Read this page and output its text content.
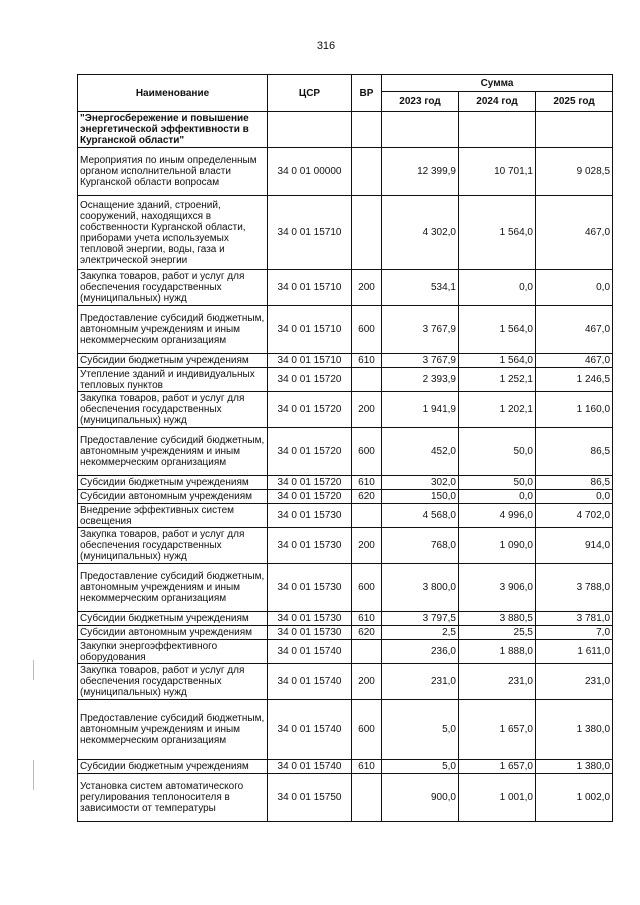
316
Наименование	ЦСР	ВР	Сумма		
			2023 год	2024 год	2025 год
"Энергосбережение и повышение энергетической эффективности в Курганской области"					
Мероприятия по иным определенным органом исполнительной власти Курганской области вопросам	34 0 01 00000		12 399,9	10 701,1	9 028,5
Оснащение зданий, строений, сооружений, находящихся в собственности Курганской области, приборами учета используемых тепловой энергии, воды, газа и электрической энергии	34 0 01 15710		4 302,0	1 564,0	467,0
Закупка товаров, работ и услуг для обеспечения государственных (муниципальных) нужд	34 0 01 15710	200	534,1	0,0	0,0
Предоставление субсидий бюджетным, автономным учреждениям и иным некоммерческим организациям	34 0 01 15710	600	3 767,9	1 564,0	467,0
Субсидии бюджетным учреждениям	34 0 01 15710	610	3 767,9	1 564,0	467,0
Утепление зданий и индивидуальных тепловых пунктов	34 0 01 15720		2 393,9	1 252,1	1 246,5
Закупка товаров, работ и услуг для обеспечения государственных (муниципальных) нужд	34 0 01 15720	200	1 941,9	1 202,1	1 160,0
Предоставление субсидий бюджетным, автономным учреждениям и иным некоммерческим организациям	34 0 01 15720	600	452,0	50,0	86,5
Субсидии бюджетным учреждениям	34 0 01 15720	610	302,0	50,0	86,5
Субсидии автономным учреждениям	34 0 01 15720	620	150,0	0,0	0,0
Внедрение эффективных систем освещения	34 0 01 15730		4 568,0	4 996,0	4 702,0
Закупка товаров, работ и услуг для обеспечения государственных (муниципальных) нужд	34 0 01 15730	200	768,0	1 090,0	914,0
Предоставление субсидий бюджетным, автономным учреждениям и иным некоммерческим организациям	34 0 01 15730	600	3 800,0	3 906,0	3 788,0
Субсидии бюджетным учреждениям	34 0 01 15730	610	3 797,5	3 880,5	3 781,0
Субсидии автономным учреждениям	34 0 01 15730	620	2,5	25,5	7,0
Закупки энергоэффективного оборудования	34 0 01 15740		236,0	1 888,0	1 611,0
Закупка товаров, работ и услуг для обеспечения государственных (муниципальных) нужд	34 0 01 15740	200	231,0	231,0	231,0
Предоставление субсидий бюджетным, автономным учреждениям и иным некоммерческим организациям	34 0 01 15740	600	5,0	1 657,0	1 380,0
Субсидии бюджетным учреждениям	34 0 01 15740	610	5,0	1 657,0	1 380,0
Установка систем автоматического регулирования теплоносителя в зависимости от температуры	34 0 01 15750		900,0	1 001,0	1 002,0
